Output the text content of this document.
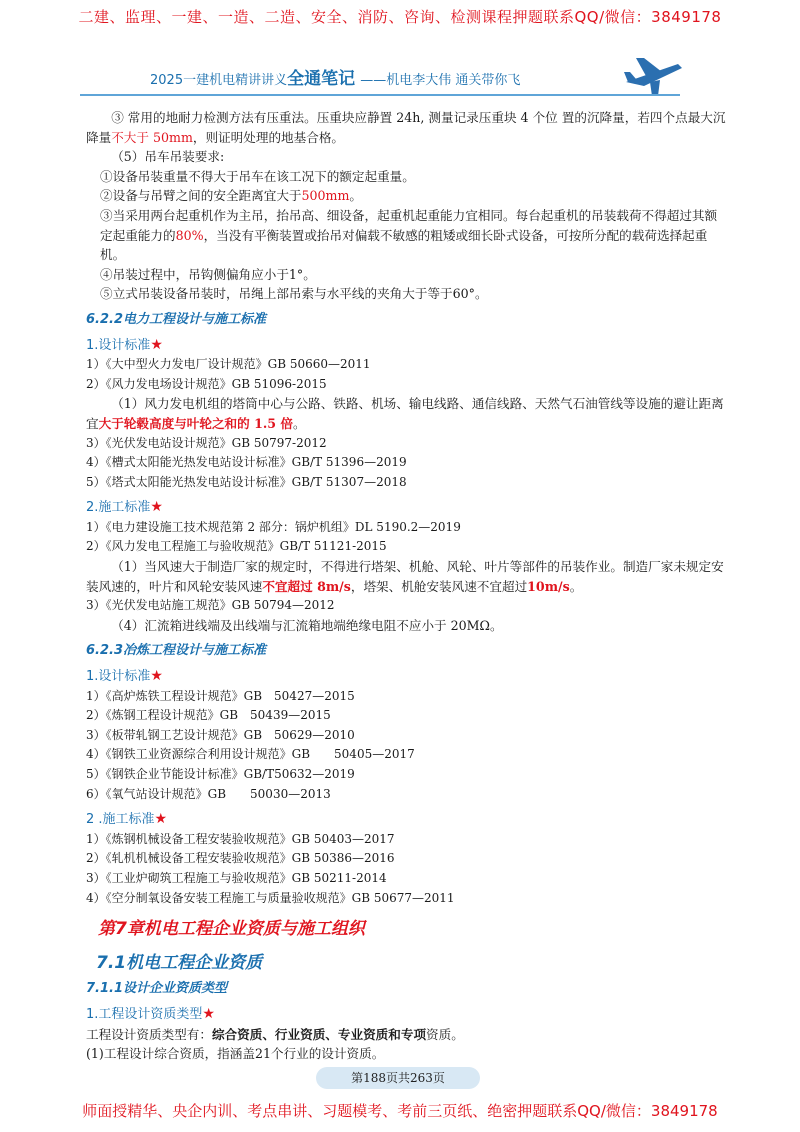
二建、监理、一建、一造、二造、安全、消防、咨询、检测课程押题联系QQ/微信：3849178
2025一建机电精讲讲义全通笔记 ——机电李大伟 通关带你飞

③ 常用的地耐力检测方法有压重法。压重块应静置 24h, 测量记录压重块 4 个位 置的沉降量，若四个点最大沉降量不大于 50mm，则证明处理的地基合格。

（5）吊车吊装要求:

①设备吊装重量不得大于吊车在该工况下的额定起重量。

②设备与吊臂之间的安全距离宜大于500mm。

③当采用两台起重机作为主吊，抬吊高、细设备，起重机起重能力宜相同。每台起重机的吊装载荷不得超过其额定起重能力的80%，当没有平衡装置或抬吊对偏载不敏感的粗矮或细长卧式设备，可按所分配的载荷选择起重机。

④吊装过程中，吊钩侧偏角应小于1°。

⑤立式吊装设备吊装时，吊绳上部吊索与水平线的夹角大于等于60°。

6.2.2电力工程设计与施工标准
1.设计标准★

1）《大中型火力发电厂设计规范》GB 50660—2011

2）《风力发电场设计规范》GB 51096-2015

（1）风力发电机组的塔筒中心与公路、铁路、机场、输电线路、通信线路、天然气石油管线等设施的避让距离宜大于轮毂高度与叶轮之和的 1.5 倍。

3）《光伏发电站设计规范》GB 50797-2012

4）《槽式太阳能光热发电站设计标准》GB/T 51396—2019

5）《塔式太阳能光热发电站设计标准》GB/T 51307—2018

2.施工标准★

1）《电力建设施工技术规范第 2 部分：锅炉机组》DL 5190.2—2019

2）《风力发电工程施工与验收规范》GB/T 51121-2015

（1）当风速大于制造厂家的规定时，不得进行塔架、机舱、风轮、叶片等部件的吊装作业。制造厂家未规定安装风速的，叶片和风轮安装风速不宜超过 8m/s，塔架、机舱安装风速不宜超过10m/s。

3）《光伏发电站施工规范》GB 50794—2012

（4）汇流箱进线端及出线端与汇流箱地端绝缘电阻不应小于 20MΩ。

6.2.3冶炼工程设计与施工标准
1.设计标准★

1）《高炉炼铁工程设计规范》GB　50427—2015

2）《炼钢工程设计规范》GB　50439—2015

3）《板带轧钢工艺设计规范》GB　50629—2010

4）《钢铁工业资源综合利用设计规范》GB　　50405—2017

5）《钢铁企业节能设计标准》GB/T50632—2019

6）《氧气站设计规范》GB　　50030—2013

2 .施工标准★

1）《炼钢机械设备工程安装验收规范》GB 50403—2017

2）《轧机机械设备工程安装验收规范》GB 50386—2016

3）《工业炉砌筑工程施工与验收规范》GB 50211-2014

4）《空分制氧设备安装工程施工与质量验收规范》GB 50677—2011

第7章机电工程企业资质与施工组织
7.1机电工程企业资质
7.1.1设计企业资质类型
1.工程设计资质类型★

工程设计资质类型有：综合资质、行业资质、专业资质和专项资质。

(1)工程设计综合资质，指涵盖21个行业的设计资质。

第188页共263页
师面授精华、央企内训、考点串讲、习题模考、考前三页纸、绝密押题联系QQ/微信：3849178
